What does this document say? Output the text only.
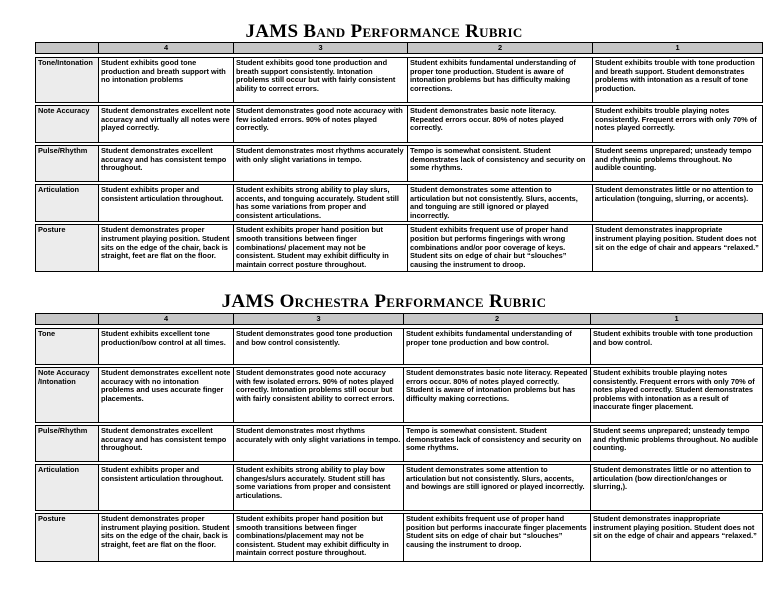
JAMS Band Performance Rubric
	4	3	2	1

Tone/Intonation	Student exhibits good tone production and breath support with no intonation problems	Student exhibits good tone production and breath support consistently. Intonation problems still occur but with fairly consistent ability to correct errors.	Student exhibits fundamental understanding of proper tone production. Student is aware of intonation problems but has difficulty making corrections.	Student exhibits trouble with tone production and breath support. Student demonstrates problems with intonation as a result of tone production.

Note Accuracy	Student demonstrates excellent note accuracy and virtually all notes were played correctly.	Student demonstrates good note accuracy with few isolated errors. 90% of notes played correctly.	Student demonstrates basic note literacy. Repeated errors occur. 80% of notes played correctly.	Student exhibits trouble playing notes consistently. Frequent errors with only 70% of notes played correctly.

Pulse/Rhythm	Student demonstrates excellent accuracy and has consistent tempo throughout.	Student demonstrates most rhythms accurately with only slight variations in tempo.	Tempo is somewhat consistent. Student demonstrates lack of consistency and security on some rhythms.	Student seems unprepared; unsteady tempo and rhythmic problems throughout. No audible counting.

Articulation	Student exhibits proper and consistent articulation throughout.	Student exhibits strong ability to play slurs, accents, and tonguing accurately. Student still has some variations from proper and consistent articulations.	Student demonstrates some attention to articulation but not consistently. Slurs, accents, and tonguing are still ignored or played incorrectly.	Student demonstrates little or no attention to articulation (tonguing, slurring, or accents).

Posture	Student demonstrates proper instrument playing position. Student sits on the edge of the chair, back is straight, feet are flat on the floor.	Student exhibits proper hand position but smooth transitions between finger combinations/ placement may not be consistent. Student may exhibit difficulty in maintain correct posture throughout.	Student exhibits frequent use of proper hand position but performs fingerings with wrong combinations and/or poor coverage of keys. Student sits on edge of chair but “slouches” causing the instrument to droop.	Student demonstrates inappropriate instrument playing position. Student does not sit on the edge of chair and appears “relaxed.”
JAMS Orchestra Performance Rubric
	4	3	2	1

Tone	Student exhibits excellent tone production/bow control at all times.	Student demonstrates good tone production and bow control consistently.	Student exhibits fundamental understanding of proper tone production and bow control.	Student exhibits trouble with tone production and bow control.

Note Accuracy /Intonation	Student demonstrates excellent note accuracy with no intonation problems and uses accurate finger placements.	Student demonstrates good note accuracy with few isolated errors. 90% of notes played correctly. Intonation problems still occur but with fairly consistent ability to correct errors.	Student demonstrates basic note literacy. Repeated errors occur. 80% of notes played correctly. Student is aware of intonation problems but has difficulty making corrections.	Student exhibits trouble playing notes consistently. Frequent errors with only 70% of notes played correctly. Student demonstrates problems with intonation as a result of inaccurate finger placement.

Pulse/Rhythm	Student demonstrates excellent accuracy and has consistent tempo throughout.	Student demonstrates most rhythms accurately with only slight variations in tempo.	Tempo is somewhat consistent. Student demonstrates lack of consistency and security on some rhythms.	Student seems unprepared; unsteady tempo and rhythmic problems throughout. No audible counting.

Articulation	Student exhibits proper and consistent articulation throughout.	Student exhibits strong ability to play bow changes/slurs accurately. Student still has some variations from proper and consistent articulations.	Student demonstrates some attention to articulation but not consistently. Slurs, accents, and bowings are still ignored or played incorrectly.	Student demonstrates little or no attention to articulation (bow direction/changes or slurring,).

Posture	Student demonstrates proper instrument playing position. Student sits on the edge of the chair, back is straight, feet are flat on the floor.	Student exhibits proper hand position but smooth transitions between finger combinations/placement may not be consistent. Student may exhibit difficulty in maintain correct posture throughout.	Student exhibits frequent use of proper hand position but performs inaccurate finger placements Student sits on edge of chair but “slouches” causing the instrument to droop.	Student demonstrates inappropriate instrument playing position. Student does not sit on the edge of chair and appears “relaxed.”
